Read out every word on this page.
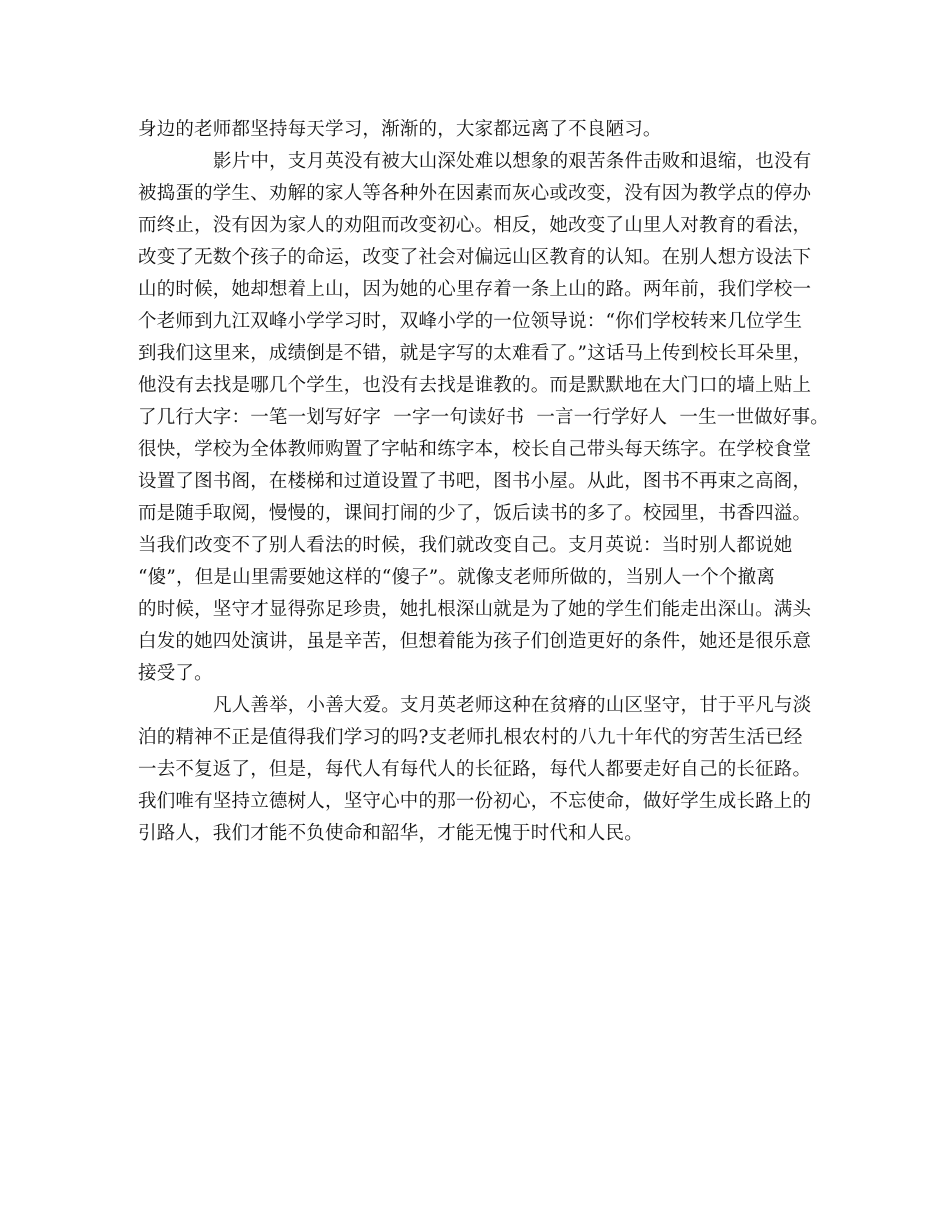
身边的老师都坚持每天学习，渐渐的，大家都远离了不良陋习。
影片中，支月英没有被大山深处难以想象的艰苦条件击败和退缩，也没有
被捣蛋的学生、劝解的家人等各种外在因素而灰心或改变，没有因为教学点的停办
而终止，没有因为家人的劝阻而改变初心。相反，她改变了山里人对教育的看法，
改变了无数个孩子的命运，改变了社会对偏远山区教育的认知。在别人想方设法下
山的时候，她却想着上山，因为她的心里存着一条上山的路。两年前，我们学校一
个老师到九江双峰小学学习时，双峰小学的一位领导说：“你们学校转来几位学生
到我们这里来，成绩倒是不错，就是字写的太难看了。”这话马上传到校长耳朵里，
他没有去找是哪几个学生，也没有去找是谁教的。而是默默地在大门口的墙上贴上
了几行大字：一笔一划写好字  一字一句读好书  一言一行学好人  一生一世做好事。
很快，学校为全体教师购置了字帖和练字本，校长自己带头每天练字。在学校食堂
设置了图书阁，在楼梯和过道设置了书吧，图书小屋。从此，图书不再束之高阁，
而是随手取阅，慢慢的，课间打闹的少了，饭后读书的多了。校园里，书香四溢。
当我们改变不了别人看法的时候，我们就改变自己。支月英说：当时别人都说她
“傻”，但是山里需要她这样的“傻子”。就像支老师所做的，当别人一个个撤离
的时候，坚守才显得弥足珍贵，她扎根深山就是为了她的学生们能走出深山。满头
白发的她四处演讲，虽是辛苦，但想着能为孩子们创造更好的条件，她还是很乐意
接受了。
凡人善举，小善大爱。支月英老师这种在贫瘠的山区坚守，甘于平凡与淡
泊的精神不正是值得我们学习的吗?支老师扎根农村的八九十年代的穷苦生活已经
一去不复返了，但是，每代人有每代人的长征路，每代人都要走好自己的长征路。
我们唯有坚持立德树人，坚守心中的那一份初心，不忘使命，做好学生成长路上的
引路人，我们才能不负使命和韶华，才能无愧于时代和人民。
